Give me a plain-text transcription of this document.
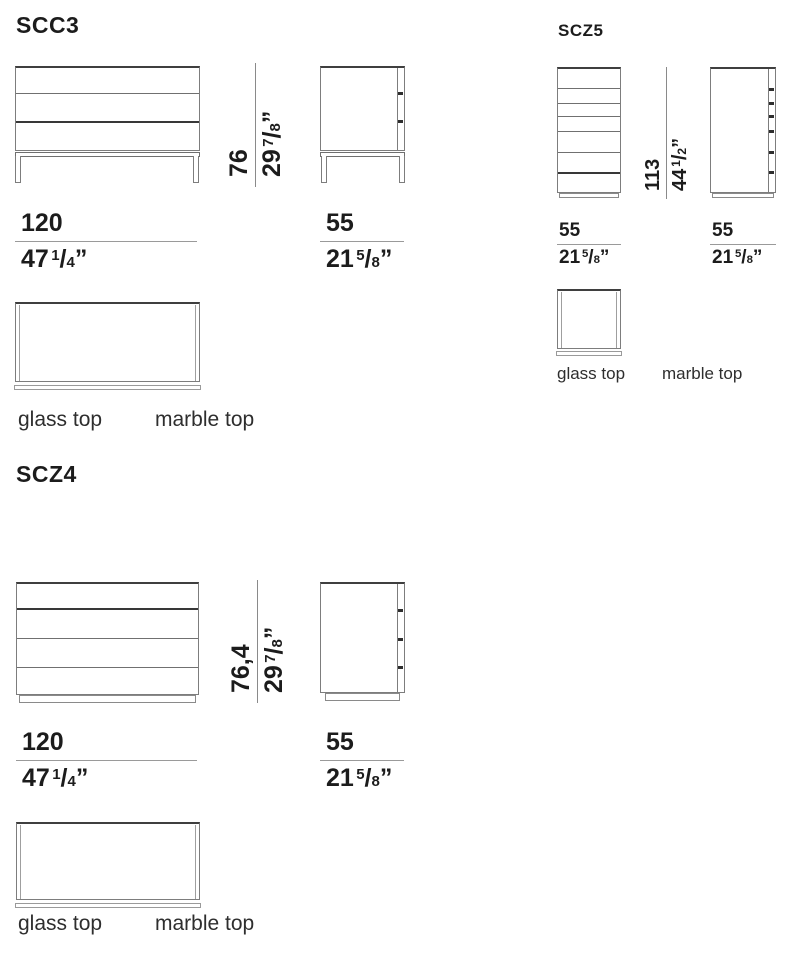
SCC3
76 $29^7/8$”
120
47 $^1$/4”
55
21 $^5$/8”
glass top	marble top
SCZ5
113 $44^1/2$”
55
21 $^5$/8”
55
21 $^5$/8”
glass top marble top
SCZ4
76,4 $29^7/8$”
120
47 $^1$/4”
55
21 $^5$/8”
glass top	marble top
